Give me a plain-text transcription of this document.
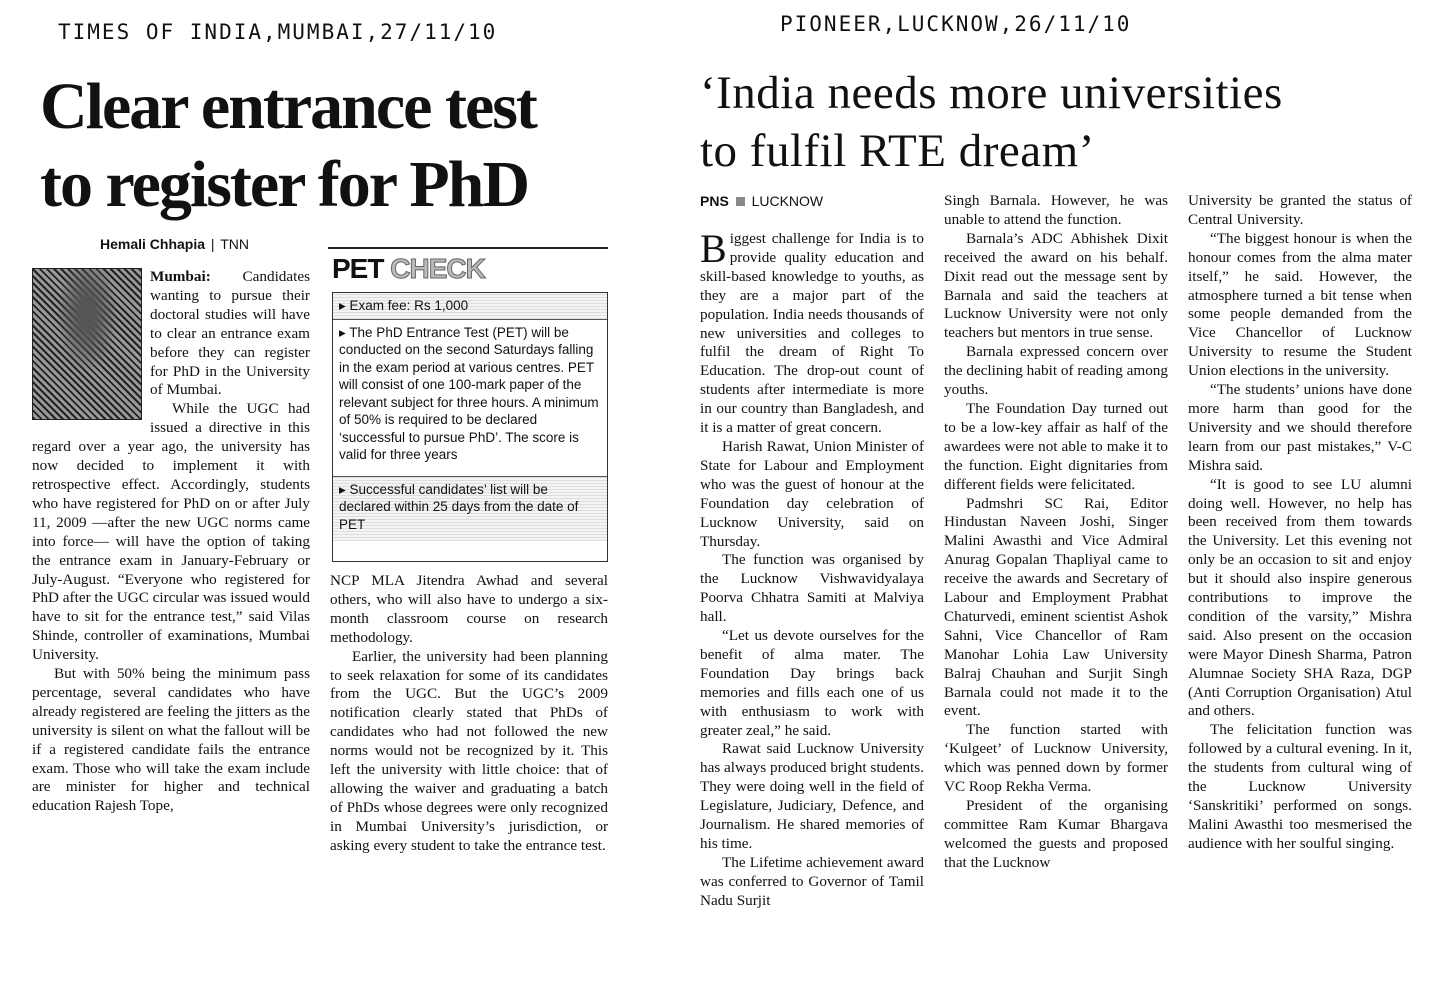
TIMES OF INDIA,MUMBAI,27/11/10
Clear entrance test
to register for PhD
Hemali Chhapia | TNN

Mumbai: Candidates wanting to pursue their doctoral studies will have to clear an entrance exam before they can register for PhD in the University of Mumbai.

While the UGC had issued a directive in this regard over a year ago, the university has now decided to implement it with retrospective effect. Accordingly, students who have registered for PhD on or after July 11, 2009 —after the new UGC norms came into force— will have the option of taking the entrance exam in January-February or July-August. “Everyone who registered for PhD after the UGC circular was issued would have to sit for the entrance test,” said Vilas Shinde, controller of examinations, Mumbai University.

But with 50% being the minimum pass percentage, several candidates who have already registered are feeling the jitters as the university is silent on what the fallout will be if a registered candidate fails the entrance exam. Those who will take the exam include are minister for higher and technical education Rajesh Tope,

PET CHECK
▸ Exam fee: Rs 1,000
▸ The PhD Entrance Test (PET) will be conducted on the second Saturdays falling in the exam period at various centres. PET will consist of one 100-mark paper of the relevant subject for three hours. A minimum of 50% is required to be declared ‘successful to pursue PhD’. The score is valid for three years
▸ Successful candidates’ list will be declared within 25 days from the date of PET

NCP MLA Jitendra Awhad and several others, who will also have to undergo a six-month classroom course on research methodology.

Earlier, the university had been planning to seek relaxation for some of its candidates from the UGC. But the UGC’s 2009 notification clearly stated that PhDs of candidates who had not followed the new norms would not be recognized by it. This left the university with little choice: that of allowing the waiver and graduating a batch of PhDs whose degrees were only recognized in Mumbai University’s jurisdiction, or asking every student to take the entrance test.

PIONEER,LUCKNOW,26/11/10
‘India needs more universities
to fulfil RTE dream’
PNS LUCKNOW

B iggest challenge for India is to provide quality education and skill-based knowledge to youths, as they are a major part of the population. India needs thousands of new universities and colleges to fulfil the dream of Right To Education. The drop-out count of students after intermediate is more in our country than Bangladesh, and it is a matter of great concern.

Harish Rawat, Union Minister of State for Labour and Employment who was the guest of honour at the Foundation day celebration of Lucknow University, said on Thursday.

The function was organised by the Lucknow Vishwavidyalaya Poorva Chhatra Samiti at Malviya hall.

“Let us devote ourselves for the benefit of alma mater. The Foundation Day brings back memories and fills each one of us with enthusiasm to work with greater zeal,” he said.

Rawat said Lucknow University has always produced bright students. They were doing well in the field of Legislature, Judiciary, Defence, and Journalism. He shared memories of his time.

The Lifetime achievement award was conferred to Governor of Tamil Nadu Surjit

Singh Barnala. However, he was unable to attend the function.

Barnala’s ADC Abhishek Dixit received the award on his behalf. Dixit read out the message sent by Barnala and said the teachers at Lucknow University were not only teachers but mentors in true sense.

Barnala expressed concern over the declining habit of reading among youths.

The Foundation Day turned out to be a low-key affair as half of the awardees were not able to make it to the function. Eight dignitaries from different fields were felicitated.

Padmshri SC Rai, Editor Hindustan Naveen Joshi, Singer Malini Awasthi and Vice Admiral Anurag Gopalan Thapliyal came to receive the awards and Secretary of Labour and Employment Prabhat Chaturvedi, eminent scientist Ashok Sahni, Vice Chancellor of Ram Manohar Lohia Law University Balraj Chauhan and Surjit Singh Barnala could not made it to the event.

The function started with ‘Kulgeet’ of Lucknow University, which was penned down by former VC Roop Rekha Verma.

President of the organising committee Ram Kumar Bhargava welcomed the guests and proposed that the Lucknow

University be granted the status of Central University.

“The biggest honour is when the honour comes from the alma mater itself,” he said. However, the atmosphere turned a bit tense when some people demanded from the Vice Chancellor of Lucknow University to resume the Student Union elections in the university.

“The students’ unions have done more harm than good for the University and we should therefore learn from our past mistakes,” V-C Mishra said.

“It is good to see LU alumni doing well. However, no help has been received from them towards the University. Let this evening not only be an occasion to sit and enjoy but it should also inspire generous contributions to improve the condition of the varsity,” Mishra said. Also present on the occasion were Mayor Dinesh Sharma, Patron Alumnae Society SHA Raza, DGP (Anti Corruption Organisation) Atul and others.

The felicitation function was followed by a cultural evening. In it, the students from cultural wing of the Lucknow University ‘Sanskritiki’ performed on songs. Malini Awasthi too mesmerised the audience with her soulful singing.
